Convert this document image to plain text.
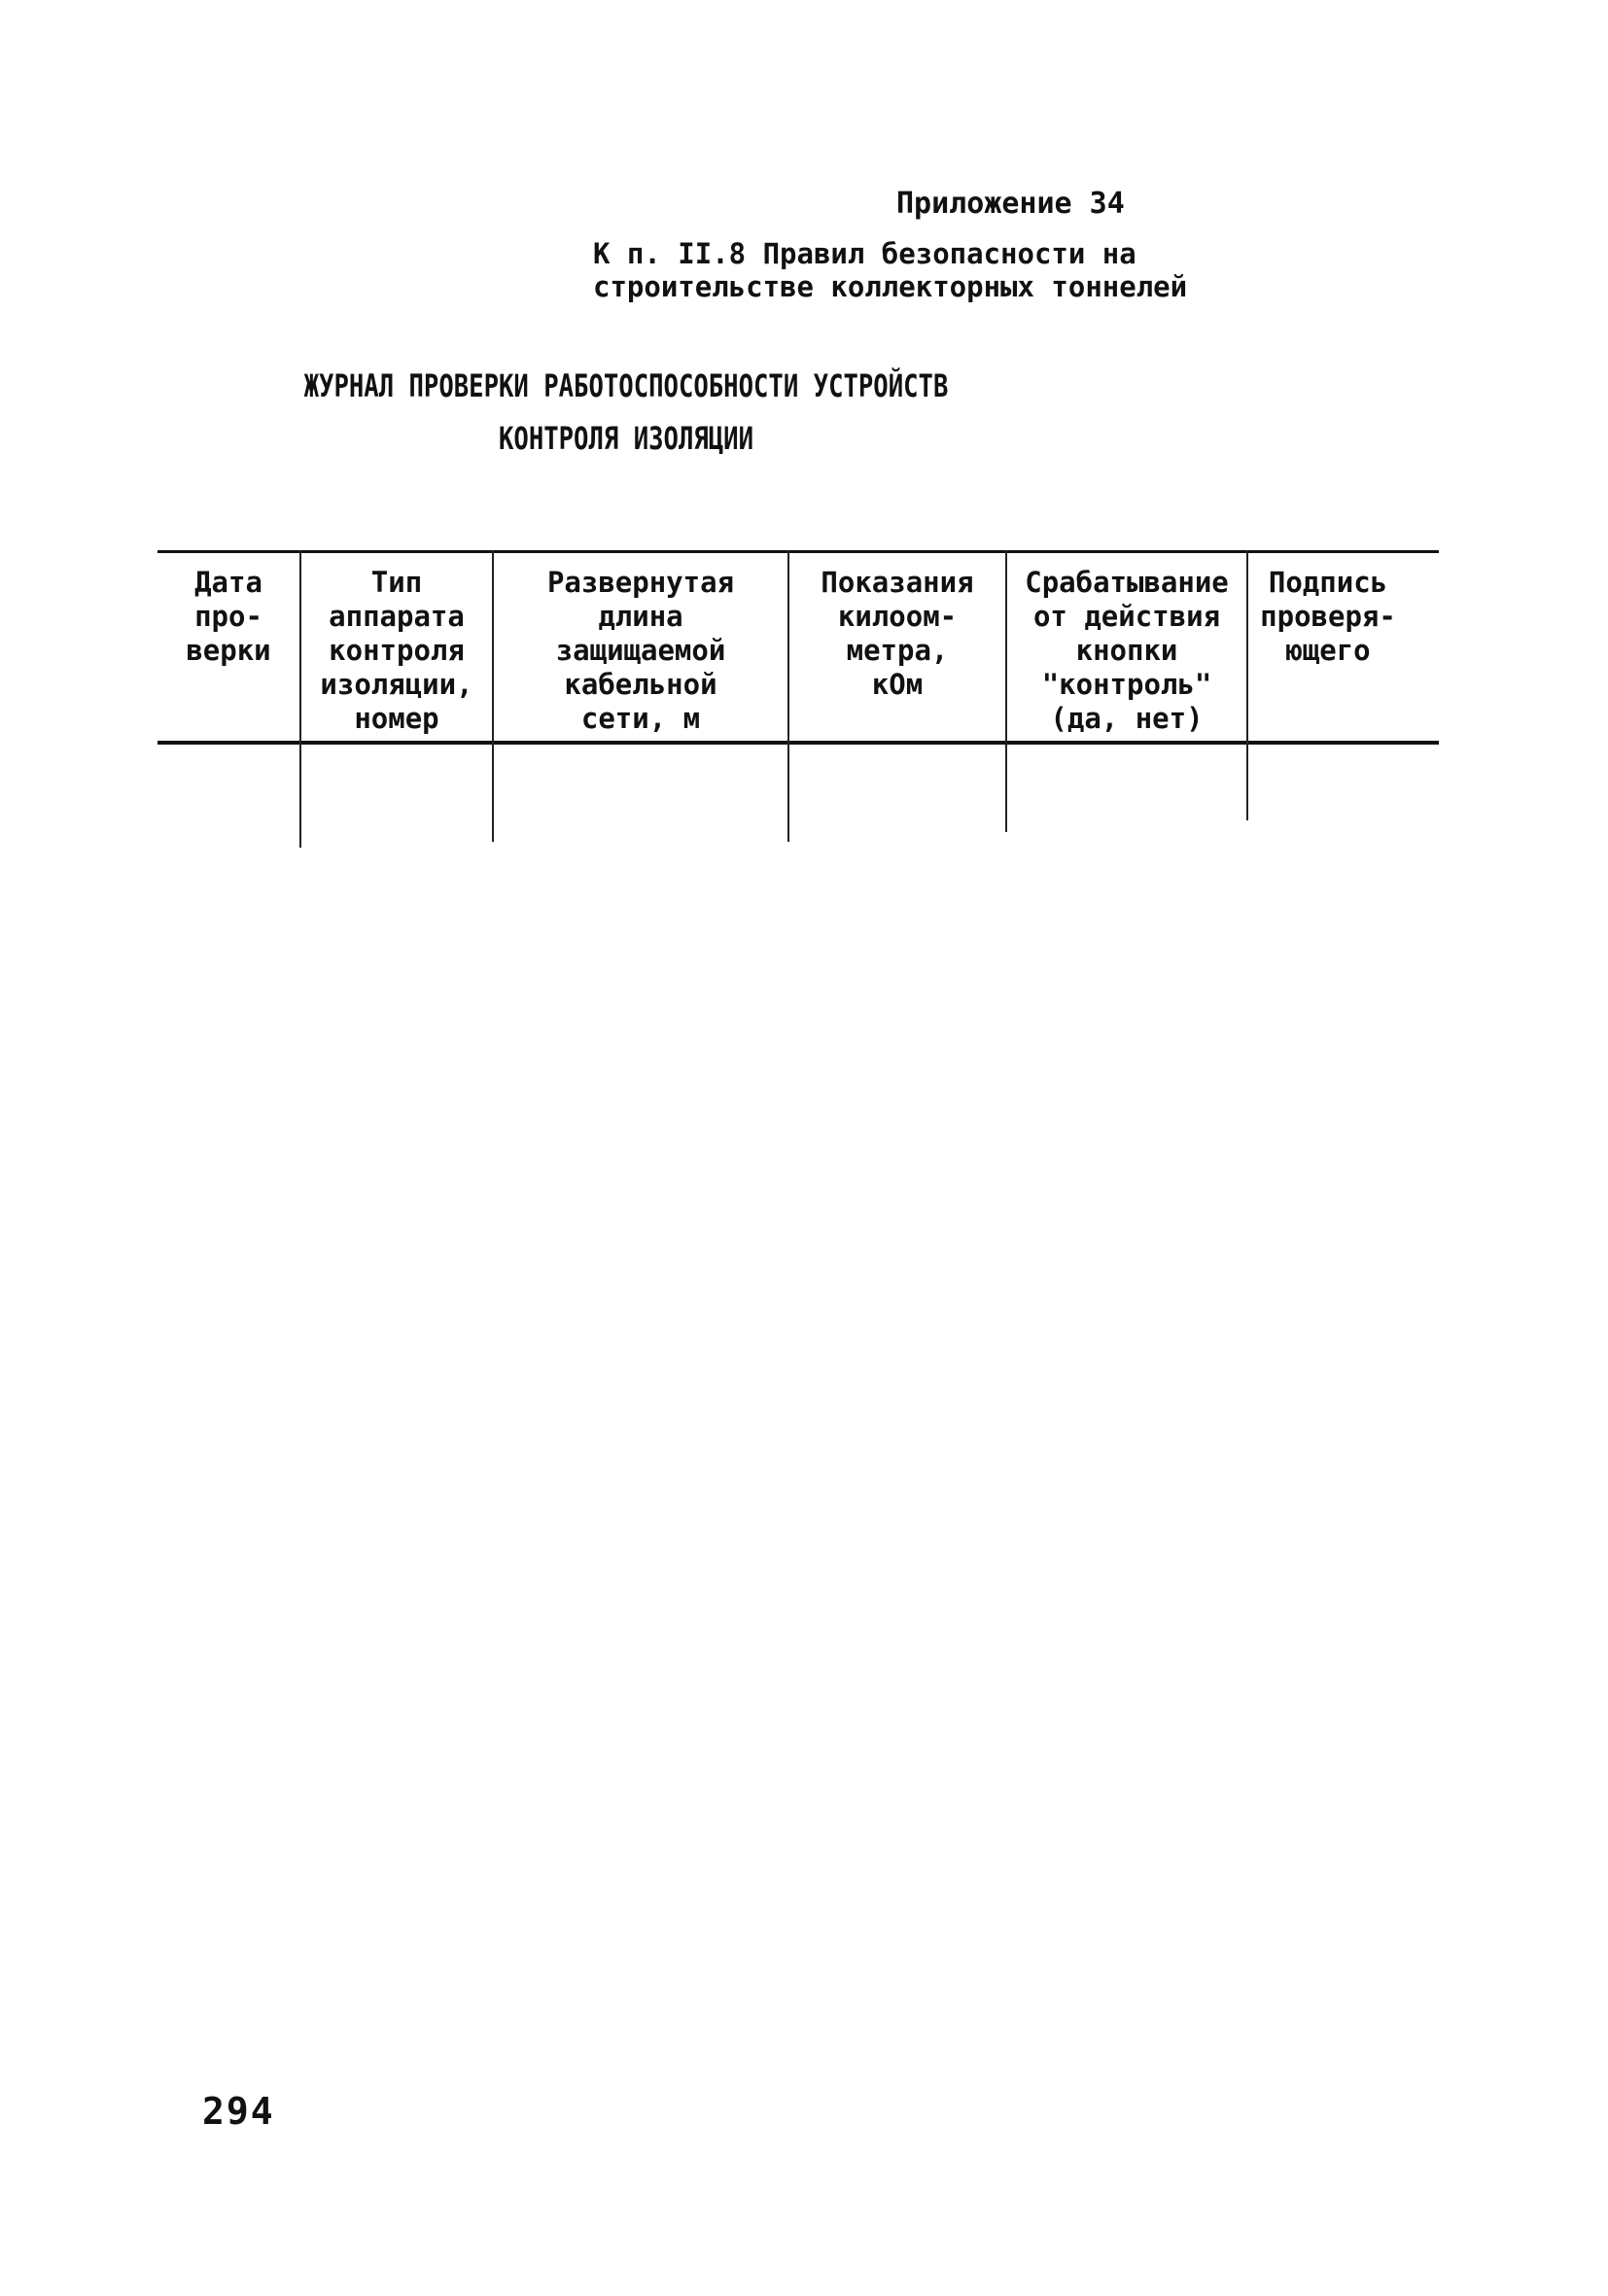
Приложение 34
К п. II.8 Правил безопасности на
строительстве коллекторных тоннелей
ЖУРНАЛ ПРОВЕРКИ РАБОТОСПОСОБНОСТИ УСТРОЙСТВ
КОНТРОЛЯ ИЗОЛЯЦИИ
Дата
про-
верки
Тип
аппарата
контроля
изоляции,
номер
Развернутая
длина
защищаемой
кабельной
сети, м
Показания
килоом-
метра,
кОм
Срабатывание
от действия
кнопки
"контроль"
(да, нет)
Подпись
проверя-
ющего
294
